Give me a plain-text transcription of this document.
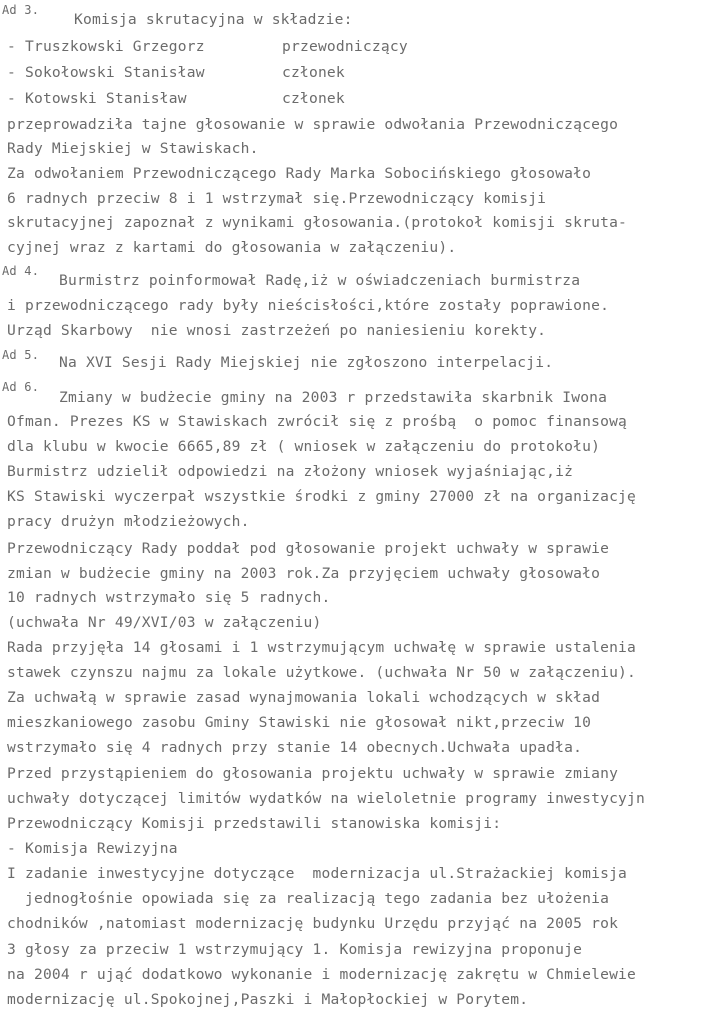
Ad 3.
Komisja skrutacyjna w składzie:
- Truszkowski Grzegorz	przewodniczący
- Sokołowski Stanisław	członek
- Kotowski Stanisław	członek
przeprowadziła tajne głosowanie w sprawie odwołania Przewodniczącego
Rady Miejskiej w Stawiskach.
Za odwołaniem Przewodniczącego Rady Marka Sobocińskiego głosowało
6 radnych przeciw 8 i 1 wstrzymał się.Przewodniczący komisji
skrutacyjnej zapoznał z wynikami głosowania.(protokoł komisji skruta-
cyjnej wraz z kartami do głosowania w załączeniu).
Ad 4.
Burmistrz poinformował Radę,iż w oświadczeniach burmistrza
i przewodniczącego rady były nieścisłości,które zostały poprawione.
Urząd Skarbowy  nie wnosi zastrzeżeń po naniesieniu korekty.
Ad 5. Na XVI Sesji Rady Miejskiej nie zgłoszono interpelacji.
Ad 6.
Zmiany w budżecie gminy na 2003 r przedstawiła skarbnik Iwona
Ofman. Prezes KS w Stawiskach zwrócił się z prośbą  o pomoc finansową
dla klubu w kwocie 6665,89 zł ( wniosek w załączeniu do protokołu)
Burmistrz udzielił odpowiedzi na złożony wniosek wyjaśniając,iż
KS Stawiski wyczerpał wszystkie środki z gminy 27000 zł na organizację
pracy drużyn młodzieżowych.
Przewodniczący Rady poddał pod głosowanie projekt uchwały w sprawie
zmian w budżecie gminy na 2003 rok.Za przyjęciem uchwały głosowało
10 radnych wstrzymało się 5 radnych.
(uchwała Nr 49/XVI/03 w załączeniu)
Rada przyjęła 14 głosami i 1 wstrzymującym uchwałę w sprawie ustalenia
stawek czynszu najmu za lokale użytkowe. (uchwała Nr 50 w załączeniu).
Za uchwałą w sprawie zasad wynajmowania lokali wchodzących w skład
mieszkaniowego zasobu Gminy Stawiski nie głosował nikt,przeciw 10
wstrzymało się 4 radnych przy stanie 14 obecnych.Uchwała upadła.
Przed przystąpieniem do głosowania projektu uchwały w sprawie zmiany
uchwały dotyczącej limitów wydatków na wieloletnie programy inwestycyjn
Przewodniczący Komisji przedstawili stanowiska komisji:
- Komisja Rewizyjna
I zadanie inwestycyjne dotyczące  modernizacja ul.Strażackiej komisja
jednogłośnie opowiada się za realizacją tego zadania bez ułożenia
chodników ,natomiast modernizację budynku Urzędu przyjąć na 2005 rok
3 głosy za przeciw 1 wstrzymujący 1. Komisja rewizyjna proponuje
na 2004 r ująć dodatkowo wykonanie i modernizację zakrętu w Chmielewie
modernizację ul.Spokojnej,Paszki i Małopłockiej w Porytem.
